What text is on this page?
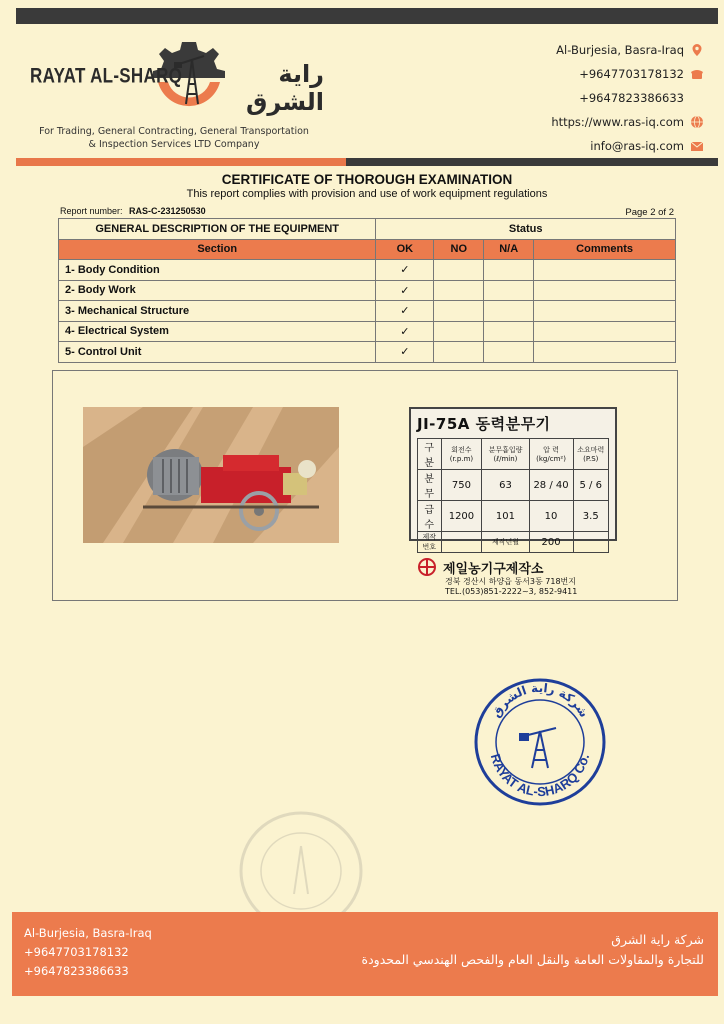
RAYAT AL-SHARQ	راية الشرق
For Trading, General Contracting, General Transportation
& Inspection Services LTD Company
Al-Burjesia, Basra-Iraq
+9647703178132
+9647823386633
https://www.ras-iq.com
info@ras-iq.com
CERTIFICATE OF THOROUGH EXAMINATION
This report complies with provision and use of work equipment regulations
Report number: RAS-C-231250530	Page 2 of 2
GENERAL DESCRIPTION OF THE EQUIPMENT	Status			
Section	OK	NO	N/A	Comments
1- Body Condition	✓			
2- Body Work	✓			
3- Mechanical Structure	✓			
4- Electrical System	✓			
5- Control Unit	✓			
JI-75A 동력분무기
구 분	회전수 (r.p.m)	분무흡입량 (ℓ/min)	압 력 (kg/cm²)	소요마력 (P.S)
분무	750	63	28 / 40	5 / 6
급 수	1200	101	10	3.5
제작번호		제작년월	200	
제일농기구제작소
경북 경산시 하양읍 동서3동 718번지
TEL.(053)851-2222~3, 852-9411
RAYAT AL-SHARQ Co.
شركة راية الشرق
Al-Burjesia, Basra-Iraq
+9647703178132
+9647823386633
شركة راية الشرق
للتجارة والمقاولات العامة والنقل العام والفحص الهندسي المحدودة
